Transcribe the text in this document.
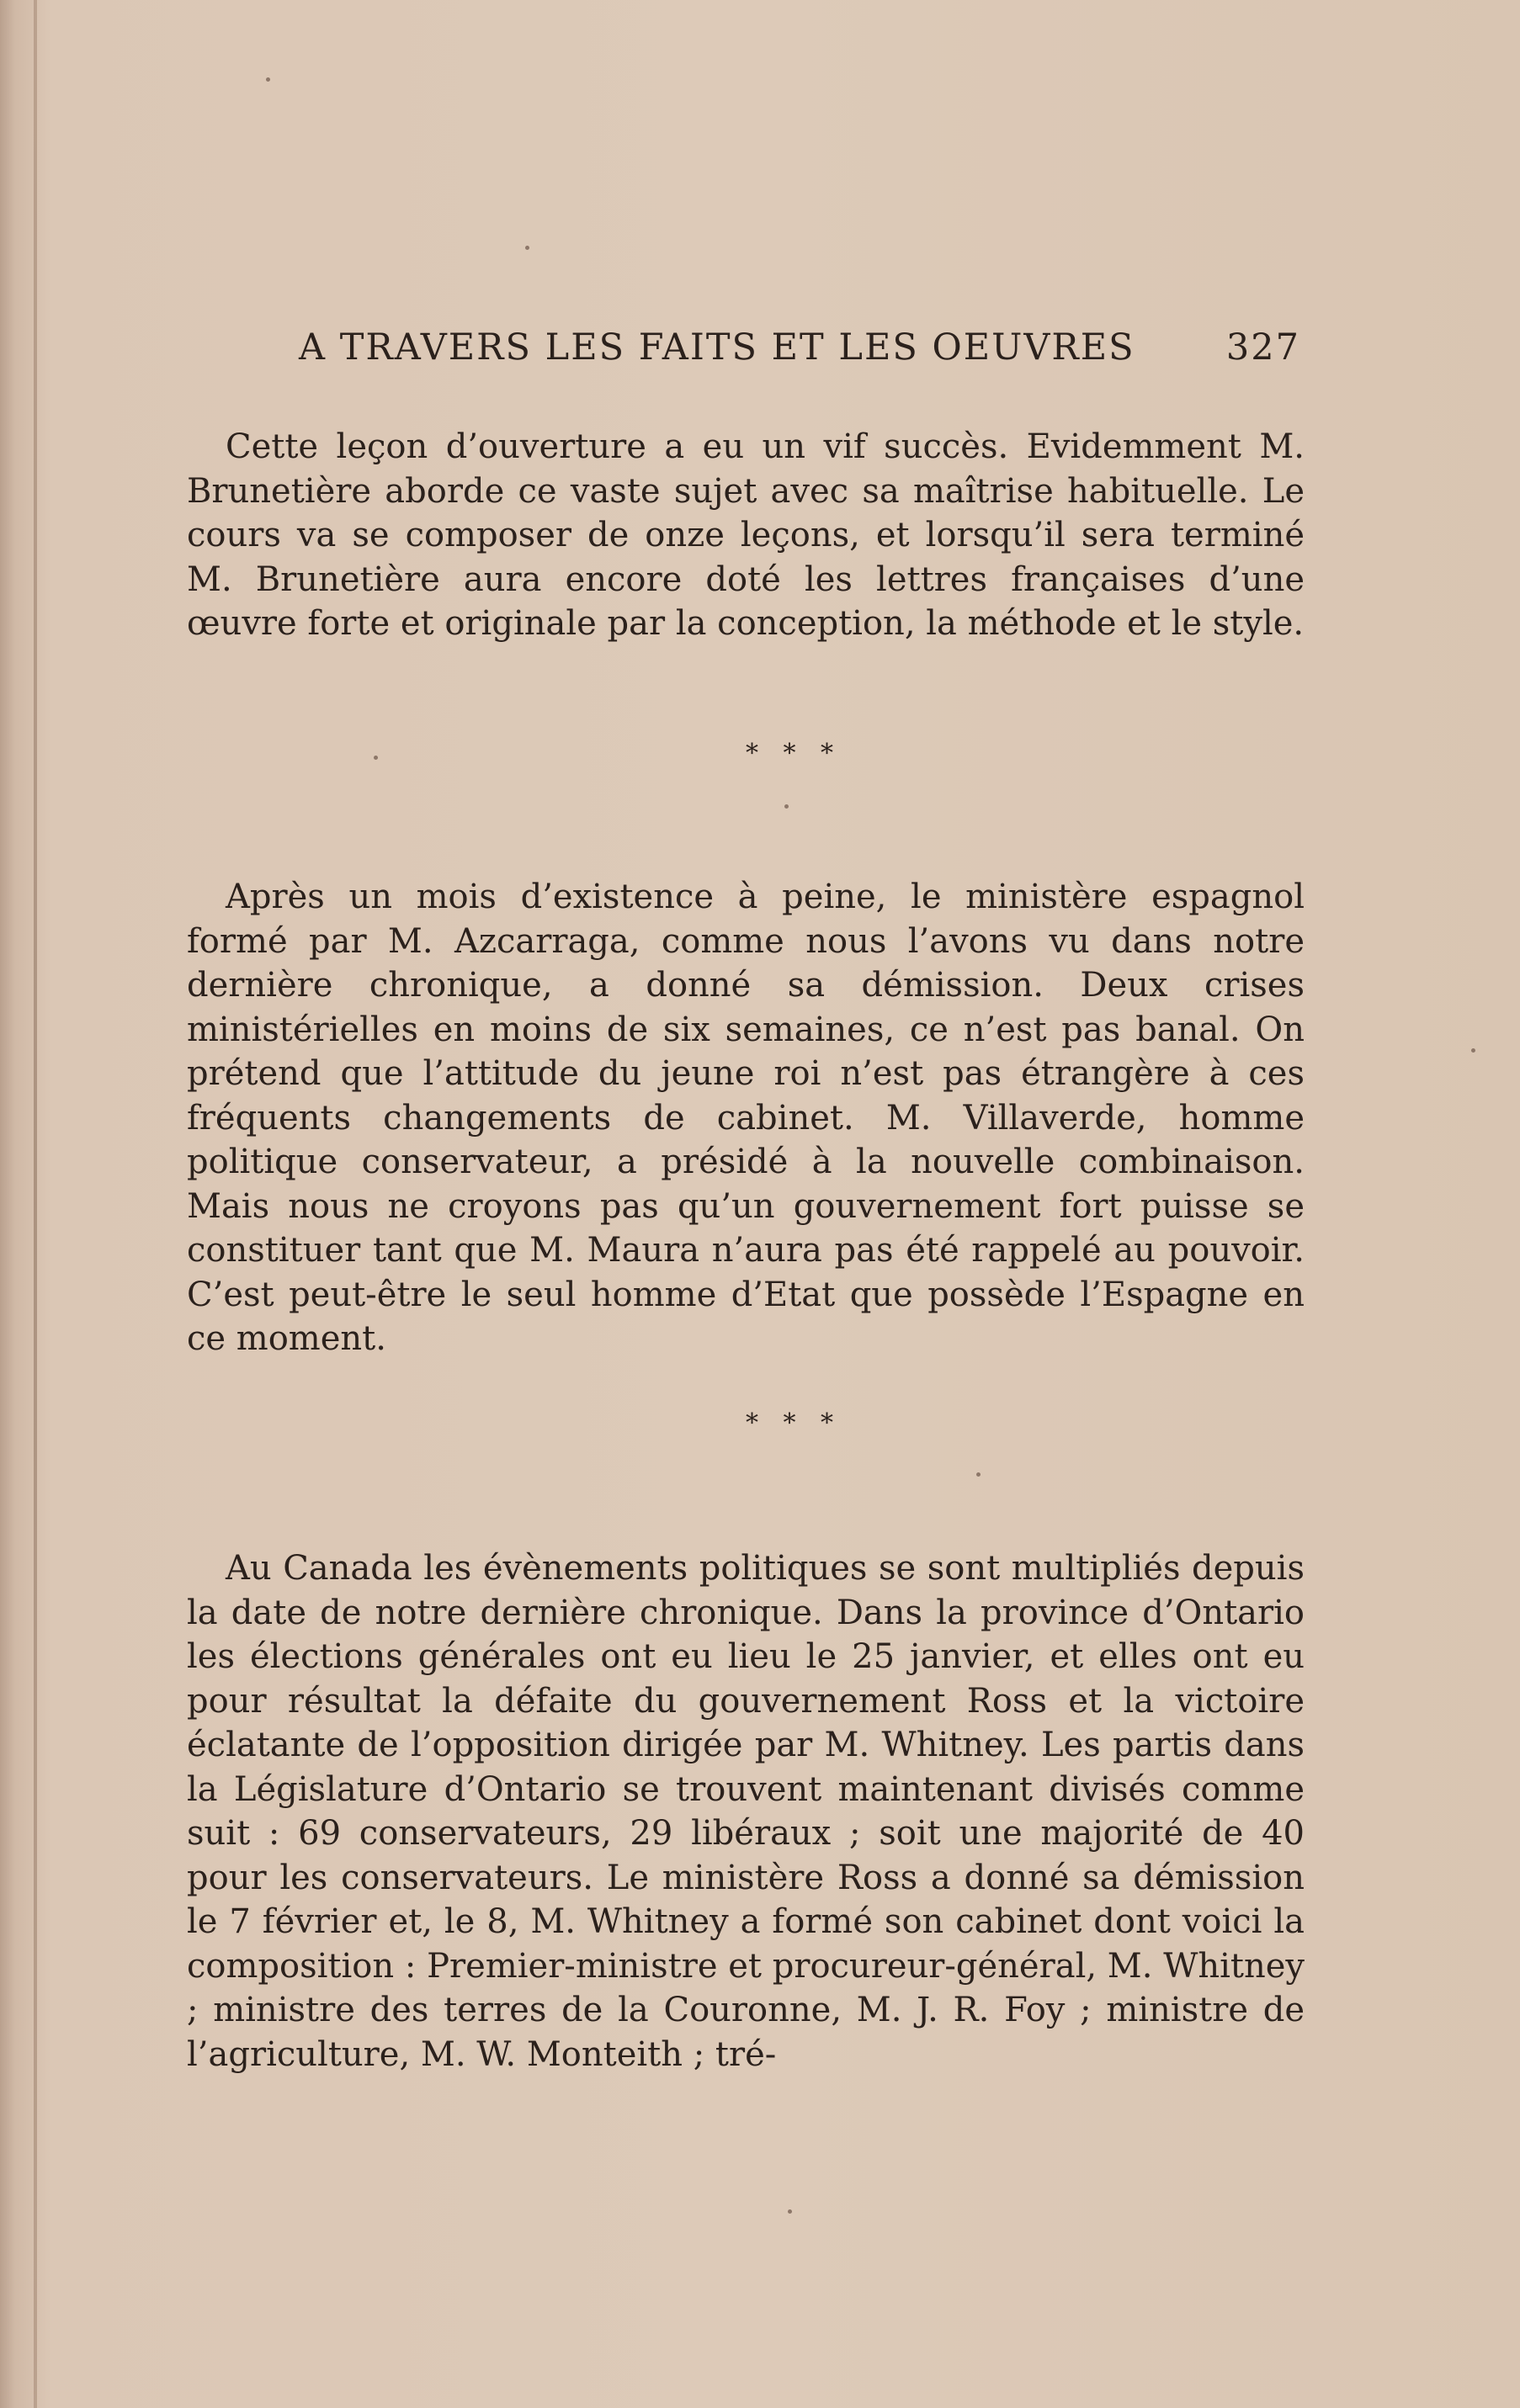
A TRAVERS LES FAITS ET LES OEUVRES	327

Cette leçon d’ouverture a eu un vif succès. Evidemment M. Brunetière aborde ce vaste sujet avec sa maîtrise habituelle. Le cours va se composer de onze leçons, et lorsqu’il sera terminé M. Brunetière aura encore doté les lettres françaises d’une œuvre forte et originale par la conception, la méthode et le style.

* * *

Après un mois d’existence à peine, le ministère espagnol formé par M. Azcarraga, comme nous l’avons vu dans notre dernière chronique, a donné sa démission. Deux crises ministérielles en moins de six semaines, ce n’est pas banal. On prétend que l’attitude du jeune roi n’est pas étrangère à ces fréquents changements de cabinet. M. Villaverde, homme politique conservateur, a présidé à la nouvelle combinaison. Mais nous ne croyons pas qu’un gouvernement fort puisse se constituer tant que M. Maura n’aura pas été rappelé au pouvoir. C’est peut-être le seul homme d’Etat que possède l’Espagne en ce moment.

* * *

Au Canada les évènements politiques se sont multipliés depuis la date de notre dernière chronique. Dans la province d’Ontario les élections générales ont eu lieu le 25 janvier, et elles ont eu pour résultat la défaite du gouvernement Ross et la victoire éclatante de l’opposition dirigée par M. Whitney. Les partis dans la Législature d’Ontario se trouvent maintenant divisés comme suit : 69 conservateurs, 29 libéraux ; soit une majorité de 40 pour les conservateurs. Le ministère Ross a donné sa démission le 7 février et, le 8, M. Whitney a formé son cabinet dont voici la composition : Premier-ministre et procureur-général, M. Whitney ; ministre des terres de la Couronne, M. J. R. Foy ; ministre de l’agriculture, M. W. Monteith ; tré-
